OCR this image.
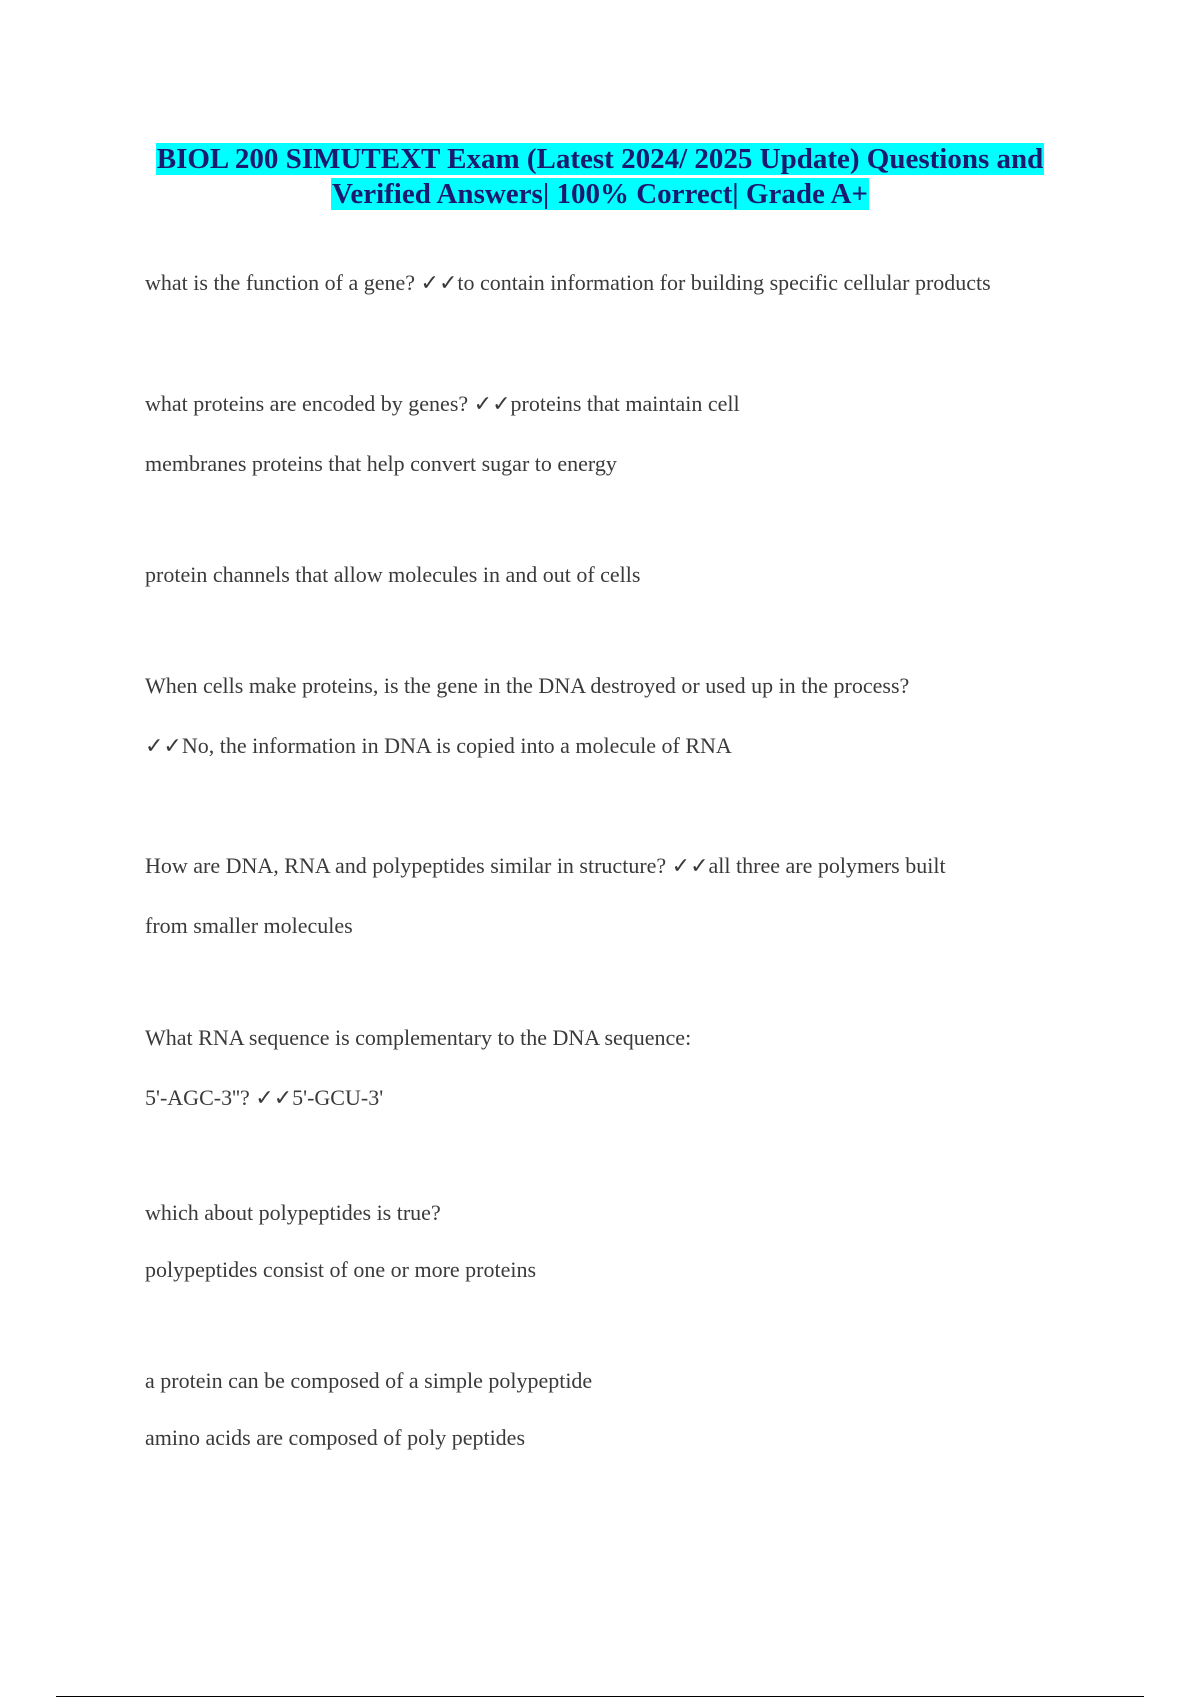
BIOL 200 SIMUTEXT Exam (Latest 2024/ 2025 Update) Questions and
Verified Answers| 100% Correct| Grade A+
what is the function of a gene? ✓✓to contain information for building specific cellular products
what proteins are encoded by genes? ✓✓proteins that maintain cell
membranes proteins that help convert sugar to energy
protein channels that allow molecules in and out of cells
When cells make proteins, is the gene in the DNA destroyed or used up in the process?
✓✓No, the information in DNA is copied into a molecule of RNA
How are DNA, RNA and polypeptides similar in structure? ✓✓all three are polymers built
from smaller molecules
What RNA sequence is complementary to the DNA sequence:
5'-AGC-3''? ✓✓5'-GCU-3'
which about polypeptides is true?
polypeptides consist of one or more proteins
a protein can be composed of a simple polypeptide
amino acids are composed of poly peptides
